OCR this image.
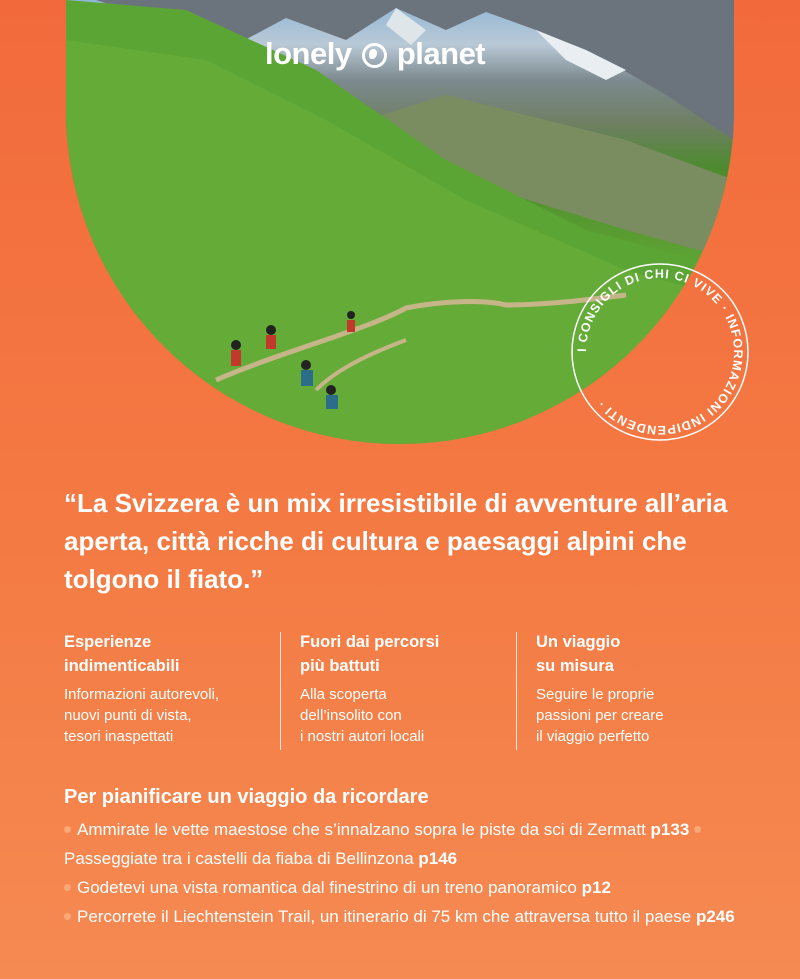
lonely planet
I CONSIGLI DI CHI CI VIVE · INFORMAZIONI INDIPENDENTI ·

“La Svizzera è un mix irresistibile di avventure all’aria aperta, città ricche di cultura e paesaggi alpini che tolgono il fiato.”

Esperienze
indimenticabili

Informazioni autorevoli,
nuovi punti di vista,
tesori inaspettati

Fuori dai percorsi
più battuti

Alla scoperta
dell’insolito con
i nostri autori locali

Un viaggio
su misura

Seguire le proprie
passioni per creare
il viaggio perfetto

Per pianificare un viaggio da ricordare
Ammirate le vette maestose che s’innalzano sopra le piste da sci di Zermatt p133 Passeggiate tra i castelli da fiaba di Bellinzona p146
Godetevi una vista romantica dal finestrino di un treno panoramico p12
Percorrete il Liechtenstein Trail, un itinerario di 75 km che attraversa tutto il paese p246
